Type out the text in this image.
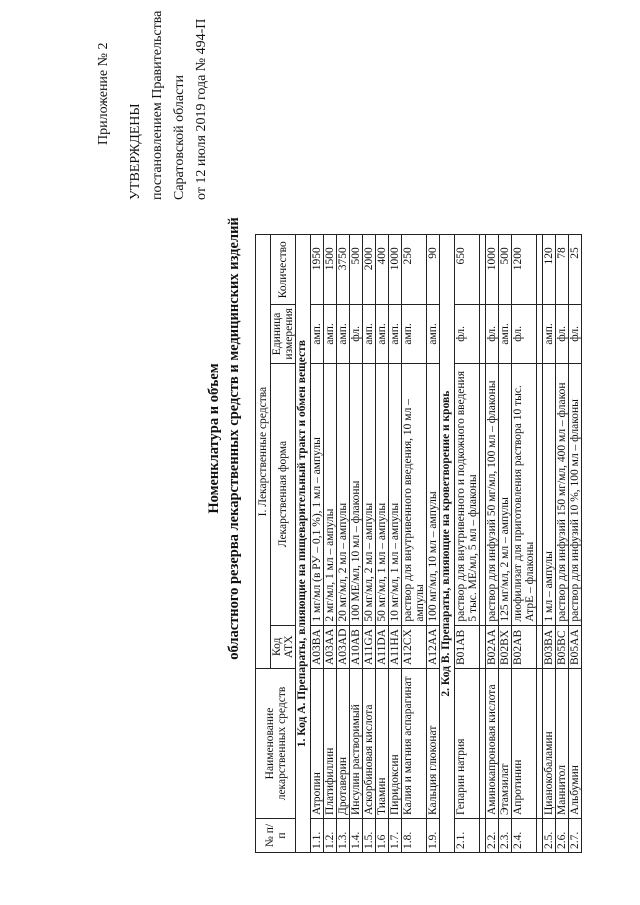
Приложение № 2
УТВЕРЖДЕНЫ постановлением Правительства Саратовской области от 12 июля 2019 года № 494-П
Номенклатура и объем областного резерва лекарственных средств и медицинских изделий
№ п/п	Наименование лекарственных средств	I. Лекарственные средства			
		Код АТХ	Лекарственная форма	Единица измерения	Количество
1. Код А. Препараты, влияющие на пищеварительный тракт и обмен веществ					
1.1.	Атропин	A03BA	1 мг/мл (в РУ – 0,1 %), 1 мл – ампулы	амп.	1950
1.2.	Платифиллин	A03AA	2 мг/мл, 1 мл – ампулы	амп.	1500
1.3.	Дротаверин	A03AD	20 мг/мл, 2 мл – ампулы	амп.	3750
1.4.	Инсулин растворимый	A10AB	100 МЕ/мл, 10 мл – флаконы	фл.	500
1.5.	Аскорбиновая кислота	A11GA	50 мг/мл, 2 мл – ампулы	амп.	2000
1.6	Тиамин	A11DA	50 мг/мл, 1 мл – ампулы	амп.	400
1.7.	Пиридоксин	A11HA	10 мг/мл, 1 мл – ампулы	амп.	1000
1.8.	Калия и магния аспарагинат	A12CX	раствор для внутривенного введения, 10 мл – ампулы	амп.	250
1.9.	Кальция глюконат	A12AA	100 мг/мл, 10 мл – ампулы	амп.	90
2. Код В. Препараты, влияющие на кроветворение и кровь					
2.1.	Гепарин натрия	B01AB	раствор для внутривенного и подкожного введения 5 тыс. МЕ/мл, 5 мл – флаконы	фл.	650

2.2.	Аминокапроновая кислота	B02AA	раствор для инфузий 50 мг/мл, 100 мл – флаконы	фл.	1000
2.3.	Этамзилат	B02BX	125 мг/мл, 2 мл – ампулы	амп.	500
2.4.	Апротинин	B02AB	лиофилизат для приготовления раствора 10 тыс. АтрЕ – флаконы	фл.	1200

2.5.	Цианокобаламин	B03BA	1 мл – ампулы	амп.	120
2.6.	Маннитол	B05BC	раствор для инфузий 150 мг/мл, 400 мл – флакон	фл.	78
2.7.	Альбумин	B05AA	раствор для инфузий 10 %, 100 мл – флаконы	фл.	25
